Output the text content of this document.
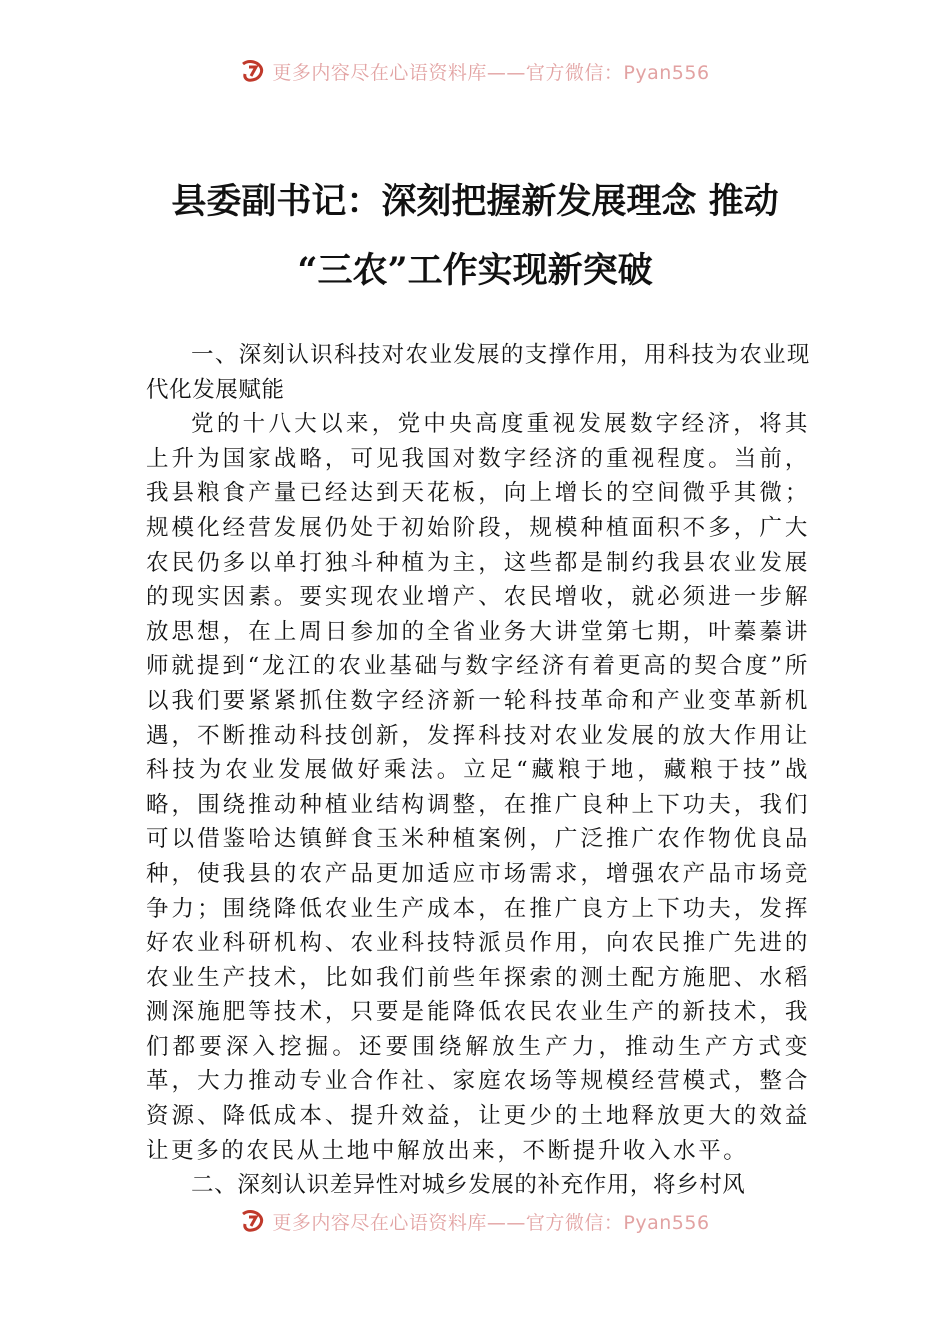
更多内容尽在心语资料库——官方微信：Pyan556
县委副书记：深刻把握新发展理念 推动
“三农”工作实现新突破

一、深刻认识科技对农业发展的支撑作用，用科技为农业现代化发展赋能

党的十八大以来，党中央高度重视发展数字经济，将其上升为国家战略，可见我国对数字经济的重视程度。当前，我县粮食产量已经达到天花板，向上增长的空间微乎其微；规模化经营发展仍处于初始阶段，规模种植面积不多，广大农民仍多以单打独斗种植为主，这些都是制约我县农业发展的现实因素。要实现农业增产、农民增收，就必须进一步解放思想，在上周日参加的全省业务大讲堂第七期，叶蓁蓁讲师就提到“龙江的农业基础与数字经济有着更高的契合度”所以我们要紧紧抓住数字经济新一轮科技革命和产业变革新机遇，不断推动科技创新，发挥科技对农业发展的放大作用让科技为农业发展做好乘法。立足“藏粮于地，藏粮于技”战略，围绕推动种植业结构调整，在推广良种上下功夫，我们可以借鉴哈达镇鲜食玉米种植案例，广泛推广农作物优良品种，使我县的农产品更加适应市场需求，增强农产品市场竞争力；围绕降低农业生产成本，在推广良方上下功夫，发挥好农业科研机构、农业科技特派员作用，向农民推广先进的农业生产技术，比如我们前些年探索的测土配方施肥、水稻测深施肥等技术，只要是能降低农民农业生产的新技术，我们都要深入挖掘。还要围绕解放生产力，推动生产方式变革，大力推动专业合作社、家庭农场等规模经营模式，整合资源、降低成本、提升效益，让更少的土地释放更大的效益让更多的农民从土地中解放出来，不断提升收入水平。

二、深刻认识差异性对城乡发展的补充作用，将乡村风

更多内容尽在心语资料库——官方微信：Pyan556
